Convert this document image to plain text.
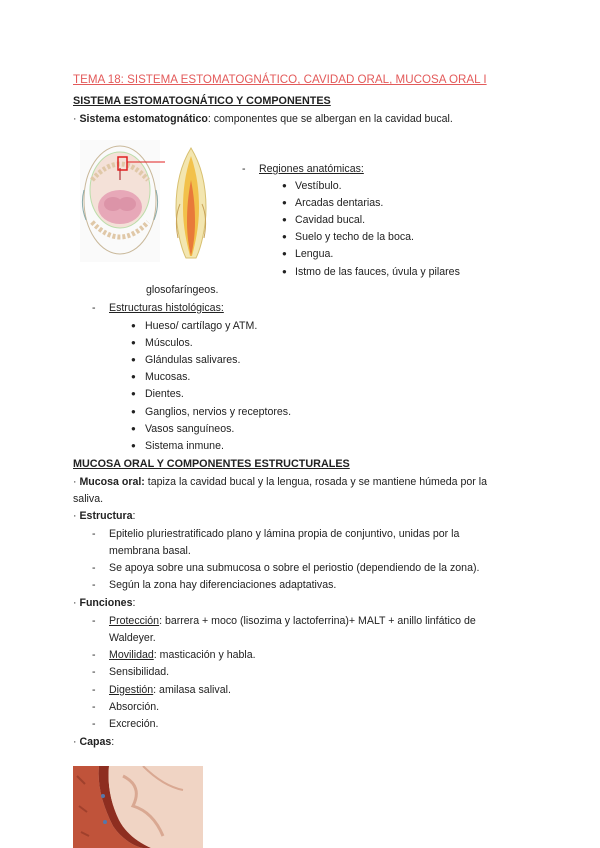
TEMA 18: SISTEMA ESTOMATOGNÁTICO, CAVIDAD ORAL, MUCOSA ORAL I
SISTEMA ESTOMATOGNÁTICO Y COMPONENTES
· Sistema estomatognático: componentes que se albergan en la cavidad bucal.
- Regiones anatómicas:
● Vestíbulo.
● Arcadas dentarias.
● Cavidad bucal.
● Suelo y techo de la boca.
● Lengua.
● Istmo de las fauces, úvula y pilares
glosofaríngeos.
- Estructuras histológicas:
● Hueso/ cartílago y ATM.
● Músculos.
● Glándulas salivares.
● Mucosas.
● Dientes.
● Ganglios, nervios y receptores.
● Vasos sanguíneos.
● Sistema inmune.
MUCOSA ORAL Y COMPONENTES ESTRUCTURALES
· Mucosa oral: tapiza la cavidad bucal y la lengua, rosada y se mantiene húmeda por la
saliva.
· Estructura:
- Epitelio pluriestratificado plano y lámina propia de conjuntivo, unidas por la
membrana basal.
- Se apoya sobre una submucosa o sobre el periostio (dependiendo de la zona).
- Según la zona hay diferenciaciones adaptativas.
· Funciones:
- Protección: barrera + moco (lisozima y lactoferrina)+ MALT + anillo linfático de
Waldeyer.
- Movilidad: masticación y habla.
- Sensibilidad.
- Digestión: amilasa salival.
- Absorción.
- Excreción.
· Capas:
